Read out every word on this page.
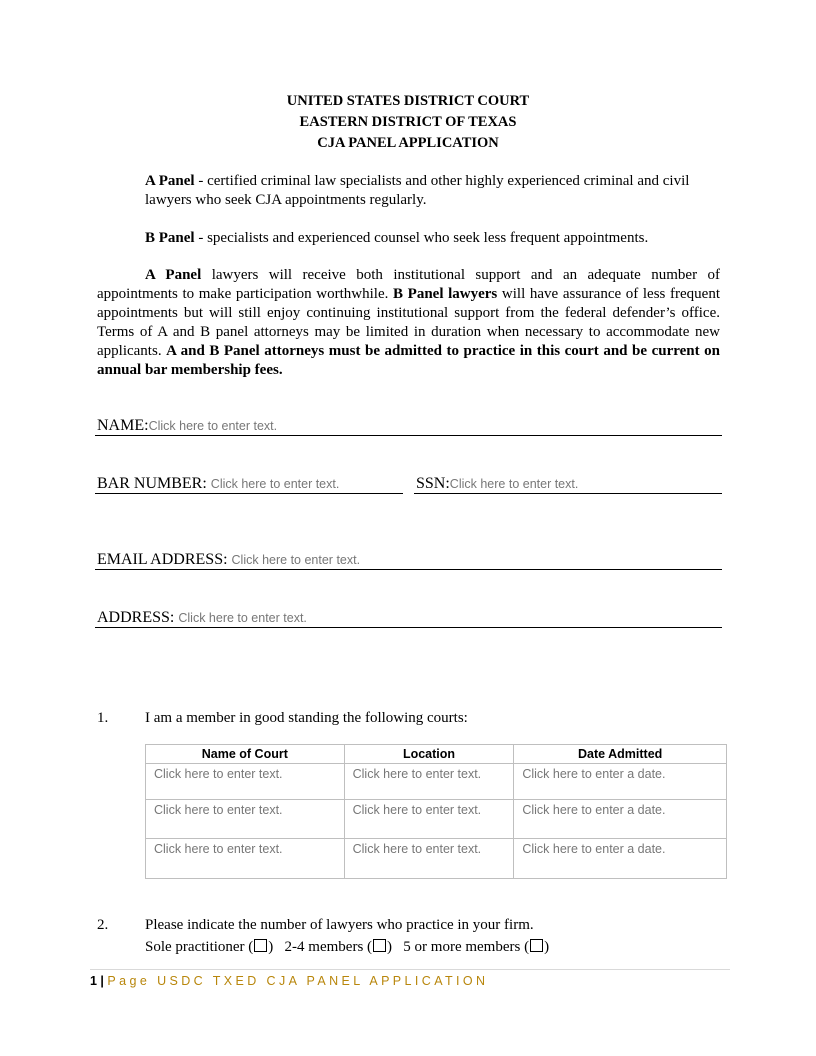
UNITED STATES DISTRICT COURT
EASTERN DISTRICT OF TEXAS
CJA PANEL APPLICATION
A Panel - certified criminal law specialists and other highly experienced criminal and civil lawyers who seek CJA appointments regularly.
B Panel - specialists and experienced counsel who seek less frequent appointments.
A Panel lawyers will receive both institutional support and an adequate number of appointments to make participation worthwhile. B Panel lawyers will have assurance of less frequent appointments but will still enjoy continuing institutional support from the federal defender’s office. Terms of A and B panel attorneys may be limited in duration when necessary to accommodate new applicants. A and B Panel attorneys must be admitted to practice in this court and be current on annual bar membership fees.
NAME:Click here to enter text.
BAR NUMBER: Click here to enter text.	SSN:Click here to enter text.
EMAIL ADDRESS: Click here to enter text.
ADDRESS: Click here to enter text.
1. I am a member in good standing the following courts:
Name of Court	Location	Date Admitted
Click here to enter text.	Click here to enter text.	Click here to enter a date.
Click here to enter text.	Click here to enter text.	Click here to enter a date.
Click here to enter text.	Click here to enter text.	Click here to enter a date.
2. Please indicate the number of lawyers who practice in your firm.
Sole practitioner ( ) 2-4 members ( ) 5 or more members ( )
1 | Page USDC TXED CJA PANEL APPLICATION
